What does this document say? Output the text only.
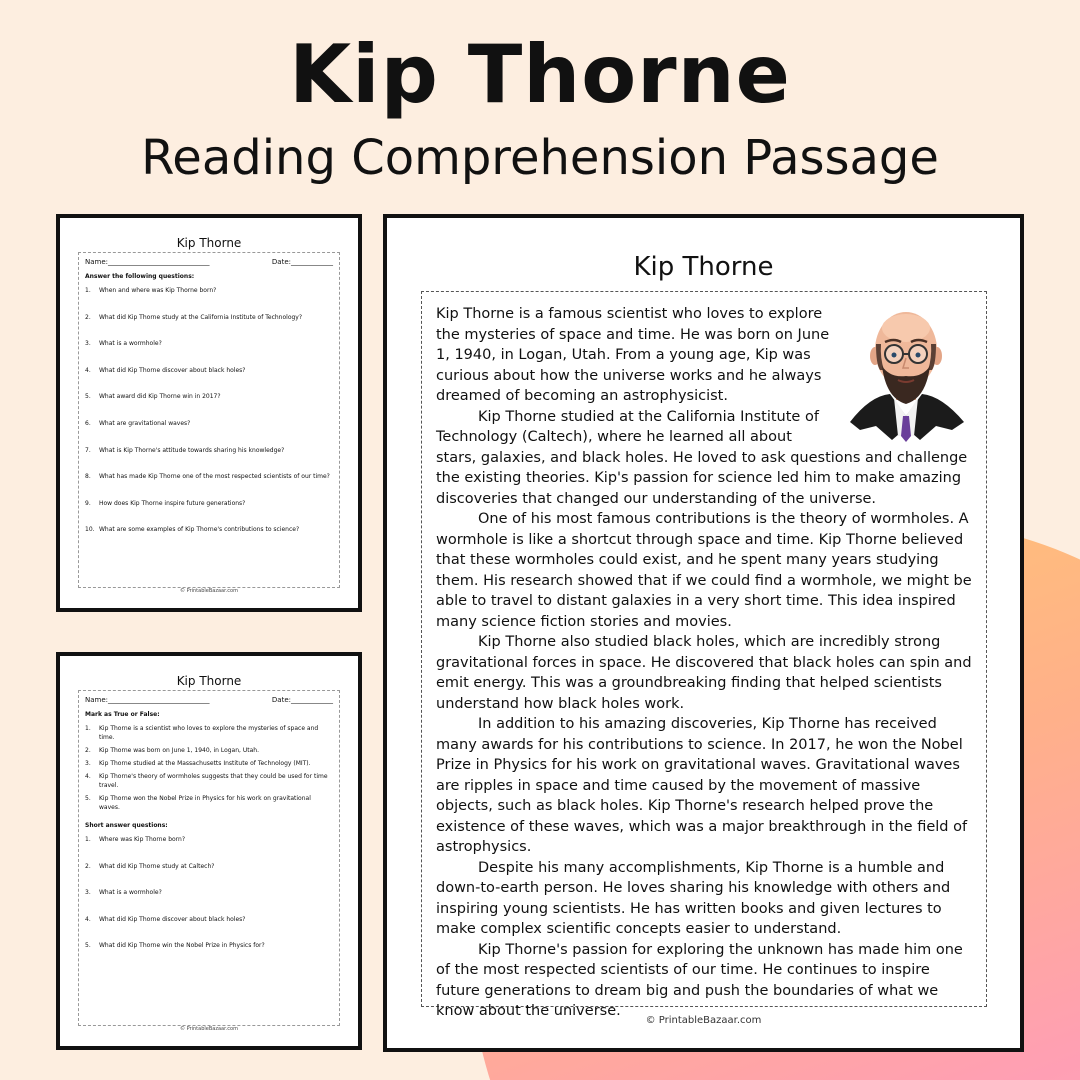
Kip Thorne
Reading Comprehension Passage
Kip Thorne
Name:_____________________________	Date:____________
Answer the following questions:
1.	When and where was Kip Thorne born?
2.	What did Kip Thorne study at the California Institute of Technology?
3.	What is a wormhole?
4.	What did Kip Thorne discover about black holes?
5.	What award did Kip Thorne win in 2017?
6.	What are gravitational waves?
7.	What is Kip Thorne's attitude towards sharing his knowledge?
8.	What has made Kip Thorne one of the most respected scientists of our time?
9.	How does Kip Thorne inspire future generations?
10. What are some examples of Kip Thorne's contributions to science?
© PrintableBazaar.com
Kip Thorne
Name:_____________________________	Date:____________
Mark as True or False:
1.	Kip Thorne is a scientist who loves to explore the mysteries of space and time.
2.	Kip Thorne was born on June 1, 1940, in Logan, Utah.
3.	Kip Thorne studied at the Massachusetts Institute of Technology (MIT).
4.	Kip Thorne's theory of wormholes suggests that they could be used for time travel.
5.	Kip Thorne won the Nobel Prize in Physics for his work on gravitational waves.
Short answer questions:
1.	Where was Kip Thorne born?
2.	What did Kip Thorne study at Caltech?
3.	What is a wormhole?
4.	What did Kip Thorne discover about black holes?
5.	What did Kip Thorne win the Nobel Prize in Physics for?
© PrintableBazaar.com
Kip Thorne

Kip Thorne is a famous scientist who loves to explore the mysteries of space and time. He was born on June 1, 1940, in Logan, Utah. From a young age, Kip was curious about how the universe works and he always dreamed of becoming an astrophysicist.

Kip Thorne studied at the California Institute of Technology (Caltech), where he learned all about stars, galaxies, and black holes. He loved to ask questions and challenge the existing theories. Kip's passion for science led him to make amazing discoveries that changed our understanding of the universe.

One of his most famous contributions is the theory of wormholes. A wormhole is like a shortcut through space and time. Kip Thorne believed that these wormholes could exist, and he spent many years studying them. His research showed that if we could find a wormhole, we might be able to travel to distant galaxies in a very short time. This idea inspired many science fiction stories and movies.

Kip Thorne also studied black holes, which are incredibly strong gravitational forces in space. He discovered that black holes can spin and emit energy. This was a groundbreaking finding that helped scientists understand how black holes work.

In addition to his amazing discoveries, Kip Thorne has received many awards for his contributions to science. In 2017, he won the Nobel Prize in Physics for his work on gravitational waves. Gravitational waves are ripples in space and time caused by the movement of massive objects, such as black holes. Kip Thorne's research helped prove the existence of these waves, which was a major breakthrough in the field of astrophysics.

Despite his many accomplishments, Kip Thorne is a humble and down-to-earth person. He loves sharing his knowledge with others and inspiring young scientists. He has written books and given lectures to make complex scientific concepts easier to understand.

Kip Thorne's passion for exploring the unknown has made him one of the most respected scientists of our time. He continues to inspire future generations to dream big and push the boundaries of what we know about the universe.

© PrintableBazaar.com
